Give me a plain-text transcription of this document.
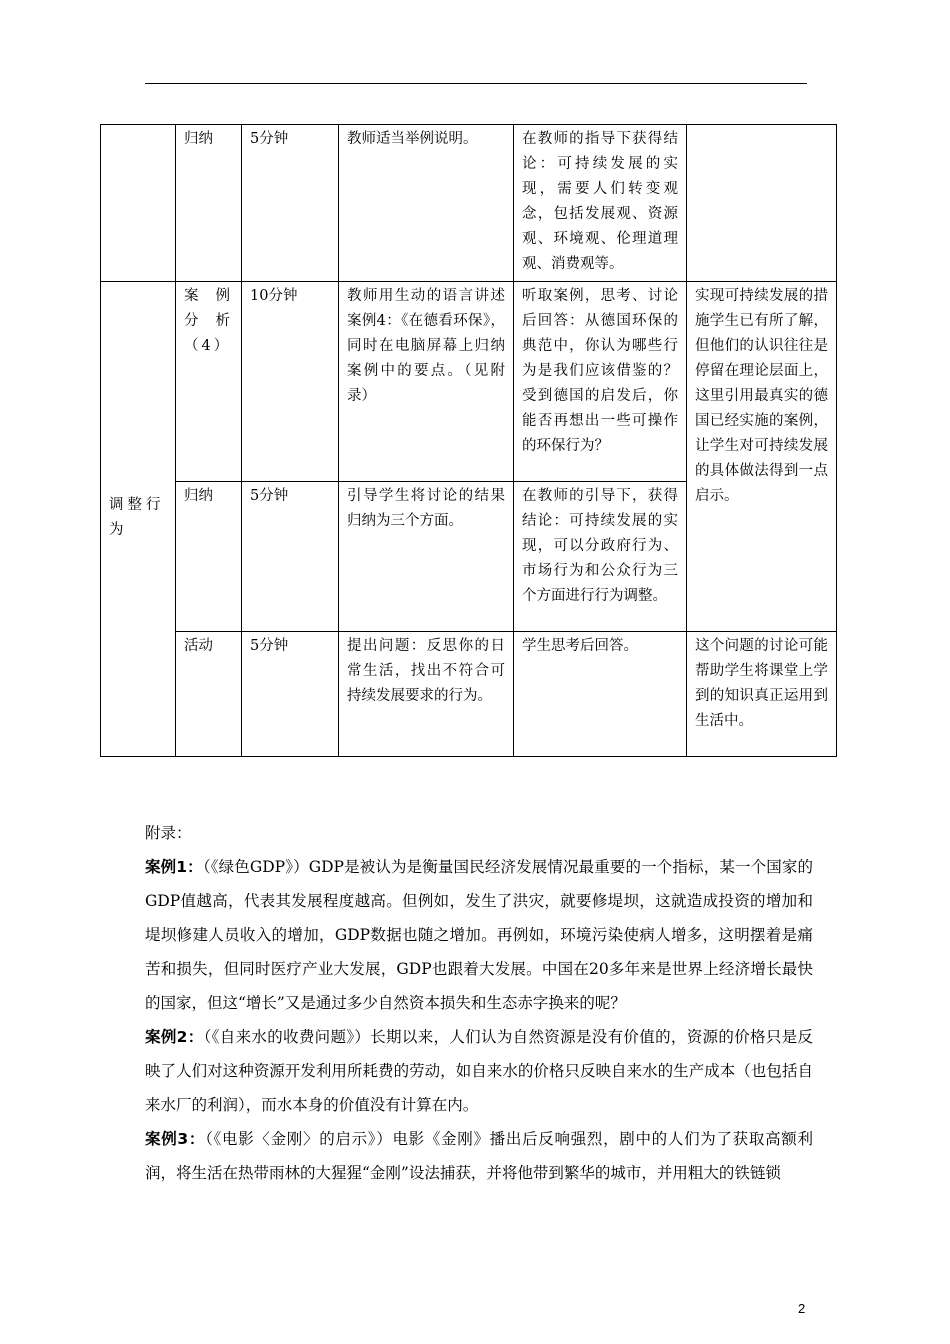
	归纳	5分钟	教师适当举例说明。	在教师的指导下获得结论：可持续发展的实现，需要人们转变观念，包括发展观、资源观、环境观、伦理道理观、消费观等。	
调整行为	案例分析（4）	10分钟	教师用生动的语言讲述案例4：《在德看环保》，同时在电脑屏幕上归纳案例中的要点。（见附录）	听取案例，思考、讨论后回答：从德国环保的典范中，你认为哪些行为是我们应该借鉴的？受到德国的启发后，你能否再想出一些可操作的环保行为？	实现可持续发展的措施学生已有所了解，但他们的认识往往是停留在理论层面上，这里引用最真实的德国已经实施的案例，让学生对可持续发展的具体做法得到一点启示。
	归纳	5分钟	引导学生将讨论的结果归纳为三个方面。	在教师的引导下，获得结论：可持续发展的实现，可以分政府行为、市场行为和公众行为三个方面进行行为调整。	
	活动	5分钟	提出问题：反思你的日常生活，找出不符合可持续发展要求的行为。	学生思考后回答。	这个问题的讨论可能帮助学生将课堂上学到的知识真正运用到生活中。

附录：

案例1：（《绿色GDP》）GDP是被认为是衡量国民经济发展情况最重要的一个指标，某一个国家的GDP值越高，代表其发展程度越高。但例如，发生了洪灾，就要修堤坝，这就造成投资的增加和堤坝修建人员收入的增加，GDP数据也随之增加。再例如，环境污染使病人增多，这明摆着是痛苦和损失，但同时医疗产业大发展，GDP也跟着大发展。中国在20多年来是世界上经济增长最快的国家，但这“增长”又是通过多少自然资本损失和生态赤字换来的呢？

案例2：（《自来水的收费问题》）长期以来，人们认为自然资源是没有价值的，资源的价格只是反映了人们对这种资源开发利用所耗费的劳动，如自来水的价格只反映自来水的生产成本（也包括自来水厂的利润），而水本身的价值没有计算在内。

案例3：（《电影〈金刚〉的启示》）电影《金刚》播出后反响强烈，剧中的人们为了获取高额利润，将生活在热带雨林的大猩猩“金刚”设法捕获，并将他带到繁华的城市，并用粗大的铁链锁

2
